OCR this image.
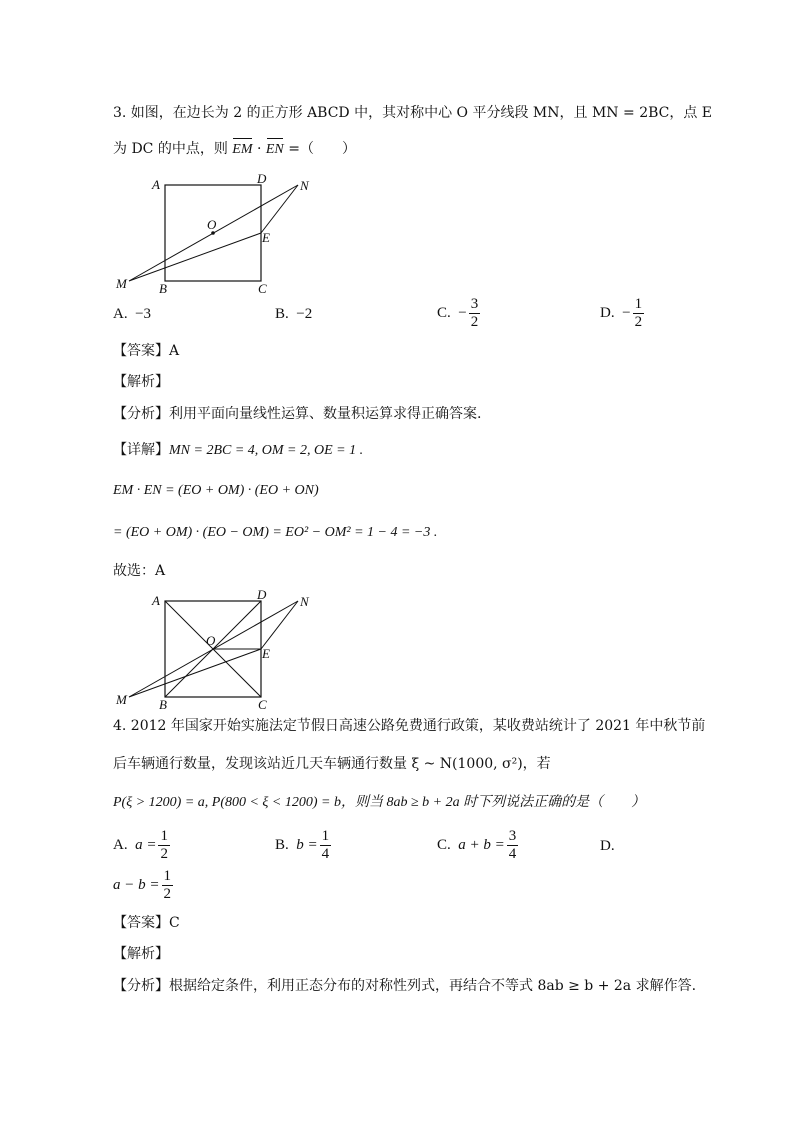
3. 如图，在边长为 2 的正方形 ABCD 中，其对称中心 O 平分线段 MN，且 MN = 2BC，点 E
为 DC 的中点，则 EM · EN =（　　）
A	D	N
O
E
M B	C
A. −3	B. −2	C. − $\frac{3}{2}$	D. − $\frac{1}{2}$
【答案】A
【解析】
【分析】利用平面向量线性运算、数量积运算求得正确答案.
【详解】MN = 2BC = 4, OM = 2, OE = 1 .
EM · EN = (EO + OM) · (EO + ON)
= (EO + OM) · (EO − OM) = EO² − OM² = 1 − 4 = −3 .
故选：A
A	D	N
O
E
M B	C
4. 2012 年国家开始实施法定节假日高速公路免费通行政策，某收费站统计了 2021 年中秋节前
后车辆通行数量，发现该站近几天车辆通行数量 ξ ~ N(1000, σ²)，若
P(ξ > 1200) = a, P(800 < ξ < 1200) = b，则当 8ab ≥ b + 2a 时下列说法正确的是（　　）
A. $a = \frac{1}{2}$	B. $b = \frac{1}{4}$	C. $a + b = \frac{3}{4}$	D.
$a - b = \frac{1}{2}$
【答案】C
【解析】
【分析】根据给定条件，利用正态分布的对称性列式，再结合不等式 8ab ≥ b + 2a 求解作答.
